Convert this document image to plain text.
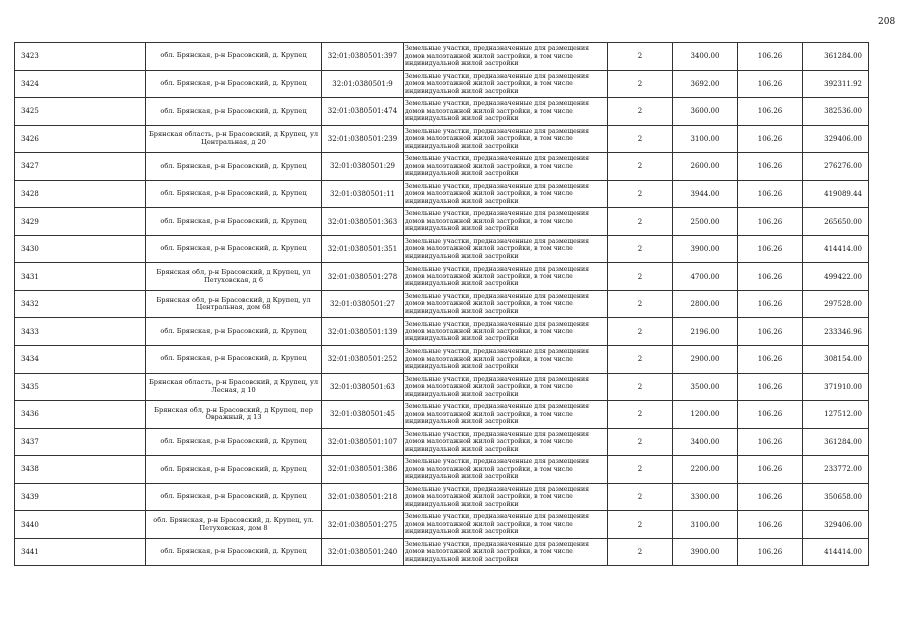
208
3423	обл. Брянская, р-н Брасовский, д. Крупец	32:01:0380501:397	Земельные участки, предназначенные для размещения домов малоэтажной жилой застройки, в том числе индивидуальной жилой застройки	2	3400.00	106.26	361284.00
3424	обл. Брянская, р-н Брасовский, д. Крупец	32:01:0380501:9	Земельные участки, предназначенные для размещения домов малоэтажной жилой застройки, в том числе индивидуальной жилой застройки	2	3692.00	106.26	392311.92
3425	обл. Брянская, р-н Брасовский, д. Крупец	32:01:0380501:474	Земельные участки, предназначенные для размещения домов малоэтажной жилой застройки, в том числе индивидуальной жилой застройки	2	3600.00	106.26	382536.00
3426	Брянская область, р-н Брасовский, д Крупец, ул Центральная, д 20	32:01:0380501:239	Земельные участки, предназначенные для размещения домов малоэтажной жилой застройки, в том числе индивидуальной жилой застройки	2	3100.00	106.26	329406.00
3427	обл. Брянская, р-н Брасовский, д. Крупец	32:01:0380501:29	Земельные участки, предназначенные для размещения домов малоэтажной жилой застройки, в том числе индивидуальной жилой застройки	2	2600.00	106.26	276276.00
3428	обл. Брянская, р-н Брасовский, д. Крупец	32:01:0380501:11	Земельные участки, предназначенные для размещения домов малоэтажной жилой застройки, в том числе индивидуальной жилой застройки	2	3944.00	106.26	419089.44
3429	обл. Брянская, р-н Брасовский, д. Крупец	32:01:0380501:363	Земельные участки, предназначенные для размещения домов малоэтажной жилой застройки, в том числе индивидуальной жилой застройки	2	2500.00	106.26	265650.00
3430	обл. Брянская, р-н Брасовский, д. Крупец	32:01:0380501:351	Земельные участки, предназначенные для размещения домов малоэтажной жилой застройки, в том числе индивидуальной жилой застройки	2	3900.00	106.26	414414.00
3431	Брянская обл, р-н Брасовский, д Крупец, ул Петуховская, д 6	32:01:0380501:278	Земельные участки, предназначенные для размещения домов малоэтажной жилой застройки, в том числе индивидуальной жилой застройки	2	4700.00	106.26	499422.00
3432	Брянская обл, р-н Брасовский, д Крупец, ул Центральная, дом 68	32:01:0380501:27	Земельные участки, предназначенные для размещения домов малоэтажной жилой застройки, в том числе индивидуальной жилой застройки	2	2800.00	106.26	297528.00
3433	обл. Брянская, р-н Брасовский, д. Крупец	32:01:0380501:139	Земельные участки, предназначенные для размещения домов малоэтажной жилой застройки, в том числе индивидуальной жилой застройки	2	2196.00	106.26	233346.96
3434	обл. Брянская, р-н Брасовский, д. Крупец	32:01:0380501:252	Земельные участки, предназначенные для размещения домов малоэтажной жилой застройки, в том числе индивидуальной жилой застройки	2	2900.00	106.26	308154.00
3435	Брянская область, р-н Брасовский, д Крупец, ул Лесная, д 10	32:01:0380501:63	Земельные участки, предназначенные для размещения домов малоэтажной жилой застройки, в том числе индивидуальной жилой застройки	2	3500.00	106.26	371910.00
3436	Брянская обл, р-н Брасовский, д Крупец, пер Овражный, д 13	32:01:0380501:45	Земельные участки, предназначенные для размещения домов малоэтажной жилой застройки, в том числе индивидуальной жилой застройки	2	1200.00	106.26	127512.00
3437	обл. Брянская, р-н Брасовский, д. Крупец	32:01:0380501:107	Земельные участки, предназначенные для размещения домов малоэтажной жилой застройки, в том числе индивидуальной жилой застройки	2	3400.00	106.26	361284.00
3438	обл. Брянская, р-н Брасовский, д. Крупец	32:01:0380501:386	Земельные участки, предназначенные для размещения домов малоэтажной жилой застройки, в том числе индивидуальной жилой застройки	2	2200.00	106.26	233772.00
3439	обл. Брянская, р-н Брасовский, д. Крупец	32:01:0380501:218	Земельные участки, предназначенные для размещения домов малоэтажной жилой застройки, в том числе индивидуальной жилой застройки	2	3300.00	106.26	350658.00
3440	обл. Брянская, р-н Брасовский, д. Крупец, ул. Петуховская, дом 8	32:01:0380501:275	Земельные участки, предназначенные для размещения домов малоэтажной жилой застройки, в том числе индивидуальной жилой застройки	2	3100.00	106.26	329406.00
3441	обл. Брянская, р-н Брасовский, д. Крупец	32:01:0380501:240	Земельные участки, предназначенные для размещения домов малоэтажной жилой застройки, в том числе индивидуальной жилой застройки	2	3900.00	106.26	414414.00
